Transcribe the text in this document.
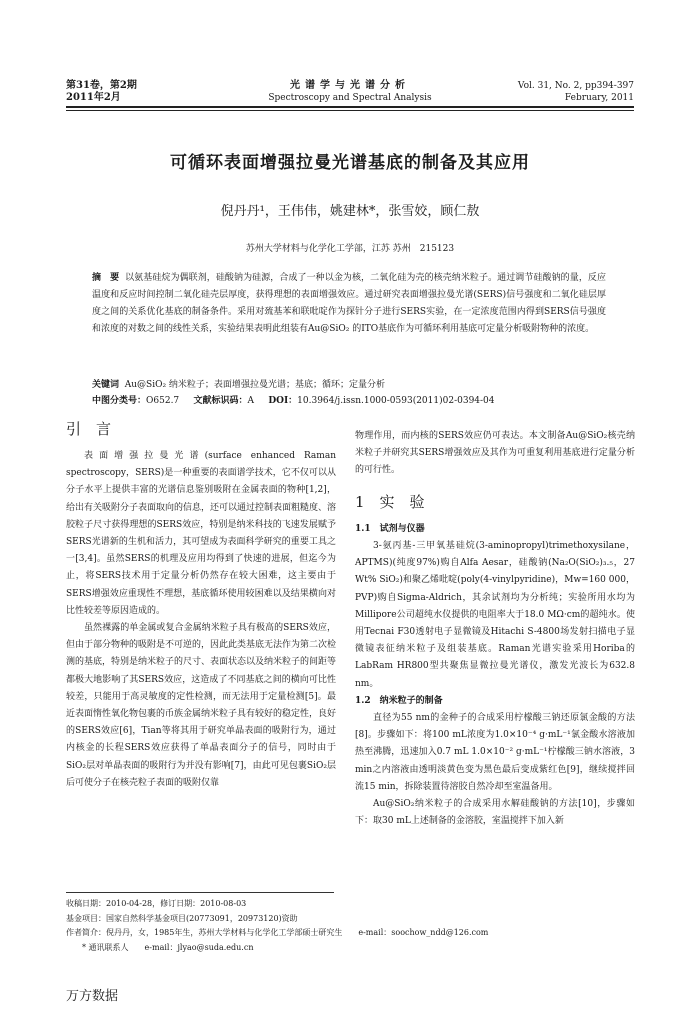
第31卷，第2期
2011年2月
光谱学与光谱分析
Spectroscopy and Spectral Analysis
Vol. 31, No. 2, pp394-397
February, 2011
可循环表面增强拉曼光谱基底的制备及其应用
倪丹丹¹，王伟伟，姚建林*，张雪姣，顾仁敖
苏州大学材料与化学化工学部，江苏 苏州　215123
摘　要 以氨基硅烷为偶联剂，硅酸钠为硅源，合成了一种以金为核，二氧化硅为壳的核壳纳米粒子。通过调节硅酸钠的量，反应温度和反应时间控制二氧化硅壳层厚度，获得理想的表面增强效应。通过研究表面增强拉曼光谱(SERS)信号强度和二氧化硅层厚度之间的关系优化基底的制备条件。采用对巯基苯和联吡啶作为探针分子进行SERS实验，在一定浓度范围内得到SERS信号强度和浓度的对数之间的线性关系，实验结果表明此组装有Au@SiO₂ 的ITO基底作为可循环利用基底可定量分析吸附物种的浓度。
关键词 Au@SiO₂ 纳米粒子；表面增强拉曼光谱；基底；循环；定量分析
中图分类号：O652.7 文献标识码：A DOI：10.3964/j.issn.1000-0593(2011)02-0394-04
引　言

表面增强拉曼光谱(surface enhanced Raman spectroscopy，SERS)是一种重要的表面谱学技术，它不仅可以从分子水平上提供丰富的光谱信息鉴别吸附在金属表面的物种[1,2]，给出有关吸附分子表面取向的信息，还可以通过控制表面粗糙度、溶胶粒子尺寸获得理想的SERS效应，特别是纳米科技的飞速发展赋予SERS光谱新的生机和活力，其可望成为表面科学研究的重要工具之一[3,4]。虽然SERS的机理及应用均得到了快速的进展，但迄今为止，将SERS技术用于定量分析仍然存在较大困难，这主要由于SERS增强效应重现性不理想，基底循环使用较困难以及结果横向对比性较差等原因造成的。

虽然裸露的单金属或复合金属纳米粒子具有极高的SERS效应，但由于部分物种的吸附是不可逆的，因此此类基底无法作为第二次检测的基底，特别是纳米粒子的尺寸、表面状态以及纳米粒子的间距等都极大地影响了其SERS效应，这造成了不同基底之间的横向可比性较差，只能用于高灵敏度的定性检测，而无法用于定量检测[5]。最近表面惰性氧化物包裹的币族金属纳米粒子具有较好的稳定性，良好的SERS效应[6]，Tian等将其用于研究单晶表面的吸附行为，通过内核金的长程SERS效应获得了单晶表面分子的信号，同时由于SiO₂层对单晶表面的吸附行为并没有影响[7]，由此可见包裹SiO₂层后可使分子在核壳粒子表面的吸附仅靠

物理作用，而内核的SERS效应仍可表达。本文制备Au@SiO₂核壳纳米粒子并研究其SERS增强效应及其作为可重复利用基底进行定量分析的可行性。

1　实　验

1.1　试剂与仪器

3-氨丙基-三甲氧基硅烷(3-aminopropyl)trimethoxysilane，APTMS)(纯度97%)购自Alfa Aesar，硅酸钠(Na₂O(SiO₂)₃.₅，27 Wt% SiO₂)和聚乙烯吡啶(poly(4-vinylpyridine)，Mw=160 000，PVP)购自Sigma-Aldrich，其余试剂均为分析纯；实验所用水均为Millipore公司超纯水仪提供的电阻率大于18.0 MΩ·cm的超纯水。使用Tecnai F30透射电子显微镜及Hitachi S-4800场发射扫描电子显微镜表征纳米粒子及组装基底。Raman光谱实验采用Horiba的LabRam HR800型共聚焦显微拉曼光谱仪，激发光波长为632.8 nm。

1.2　纳米粒子的制备

直径为55 nm的金种子的合成采用柠檬酸三钠还原氯金酸的方法[8]。步骤如下：将100 mL浓度为1.0×10⁻⁴ g·mL⁻¹氯金酸水溶液加热至沸腾，迅速加入0.7 mL 1.0×10⁻² g·mL⁻¹柠檬酸三钠水溶液，3 min之内溶液由透明淡黄色变为黑色最后变成紫红色[9]，继续搅拌回流15 min，拆除装置待溶胶自然冷却至室温备用。

Au@SiO₂纳米粒子的合成采用水解硅酸钠的方法[10]，步骤如下：取30 mL上述制备的金溶胶，室温搅拌下加入新

收稿日期：2010-04-28，修订日期：2010-08-03
基金项目：国家自然科学基金项目(20773091，20973120)资助
作者简介：倪丹丹，女，1985年生，苏州大学材料与化学化工学部硕士研究生　　e-mail：soochow_ndd@126.com
* 通讯联系人　　e-mail：jlyao@suda.edu.cn
万方数据
